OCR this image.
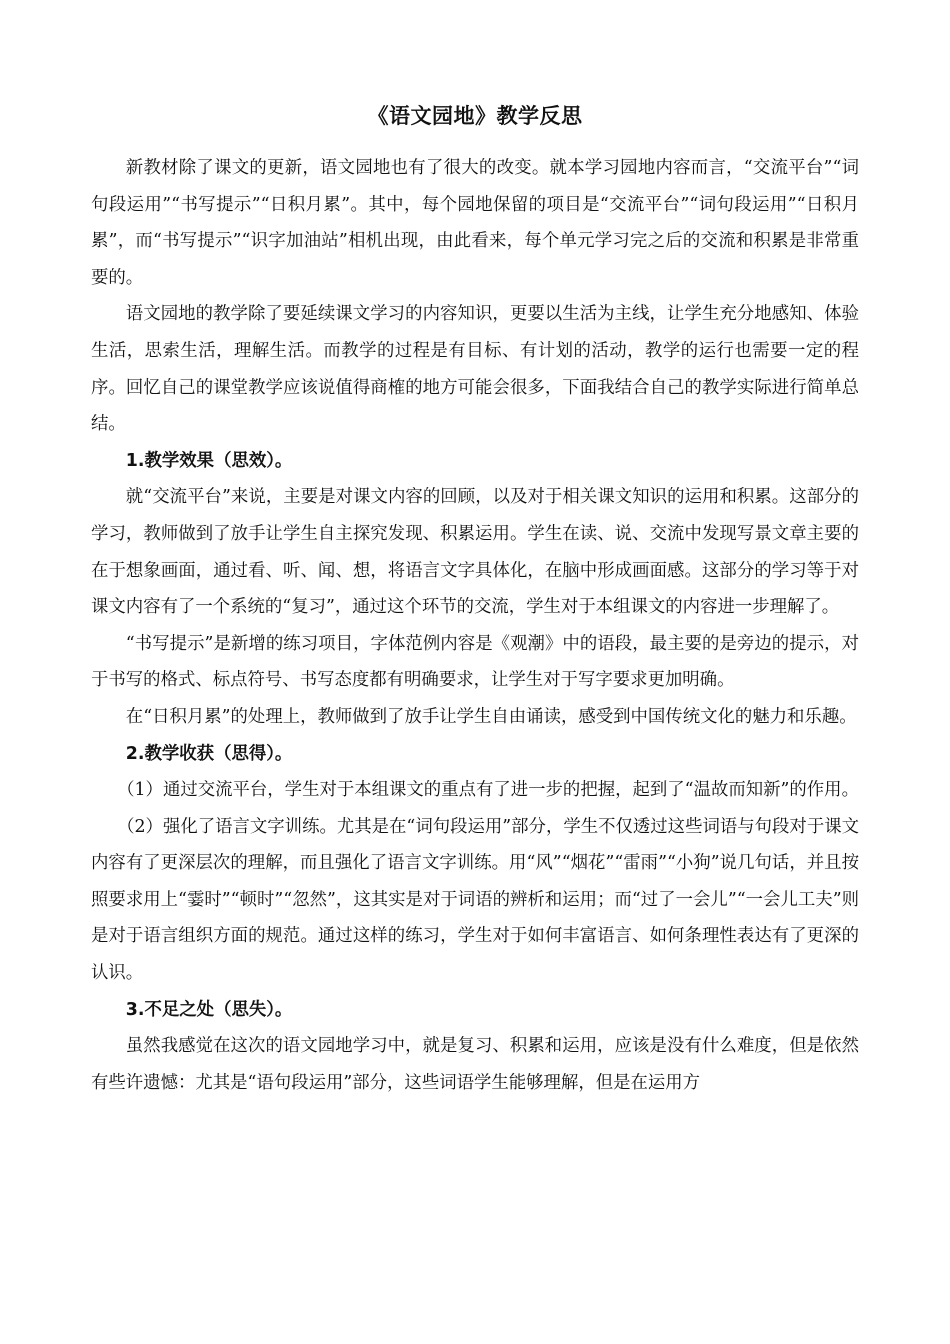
《语文园地》教学反思

新教材除了课文的更新，语文园地也有了很大的改变。就本学习园地内容而言，“交流平台”“词句段运用”“书写提示”“日积月累”。其中，每个园地保留的项目是“交流平台”“词句段运用”“日积月累”，而“书写提示”“识字加油站”相机出现，由此看来，每个单元学习完之后的交流和积累是非常重要的。

语文园地的教学除了要延续课文学习的内容知识，更要以生活为主线，让学生充分地感知、体验生活，思索生活，理解生活。而教学的过程是有目标、有计划的活动，教学的运行也需要一定的程序。回忆自己的课堂教学应该说值得商榷的地方可能会很多，下面我结合自己的教学实际进行简单总结。

1.教学效果（思效）。

就“交流平台”来说，主要是对课文内容的回顾，以及对于相关课文知识的运用和积累。这部分的学习，教师做到了放手让学生自主探究发现、积累运用。学生在读、说、交流中发现写景文章主要的在于想象画面，通过看、听、闻、想，将语言文字具体化，在脑中形成画面感。这部分的学习等于对课文内容有了一个系统的“复习”，通过这个环节的交流，学生对于本组课文的内容进一步理解了。

“书写提示”是新增的练习项目，字体范例内容是《观潮》中的语段，最主要的是旁边的提示，对于书写的格式、标点符号、书写态度都有明确要求，让学生对于写字要求更加明确。

在“日积月累”的处理上，教师做到了放手让学生自由诵读，感受到中国传统文化的魅力和乐趣。

2.教学收获（思得）。

（1）通过交流平台，学生对于本组课文的重点有了进一步的把握，起到了“温故而知新”的作用。

（2）强化了语言文字训练。尤其是在“词句段运用”部分，学生不仅透过这些词语与句段对于课文内容有了更深层次的理解，而且强化了语言文字训练。用“风”“烟花”“雷雨”“小狗”说几句话，并且按照要求用上“霎时”“顿时”“忽然”，这其实是对于词语的辨析和运用；而“过了一会儿”“一会儿工夫”则是对于语言组织方面的规范。通过这样的练习，学生对于如何丰富语言、如何条理性表达有了更深的认识。

3.不足之处（思失）。

虽然我感觉在这次的语文园地学习中，就是复习、积累和运用，应该是没有什么难度，但是依然有些许遗憾：尤其是“语句段运用”部分，这些词语学生能够理解，但是在运用方
